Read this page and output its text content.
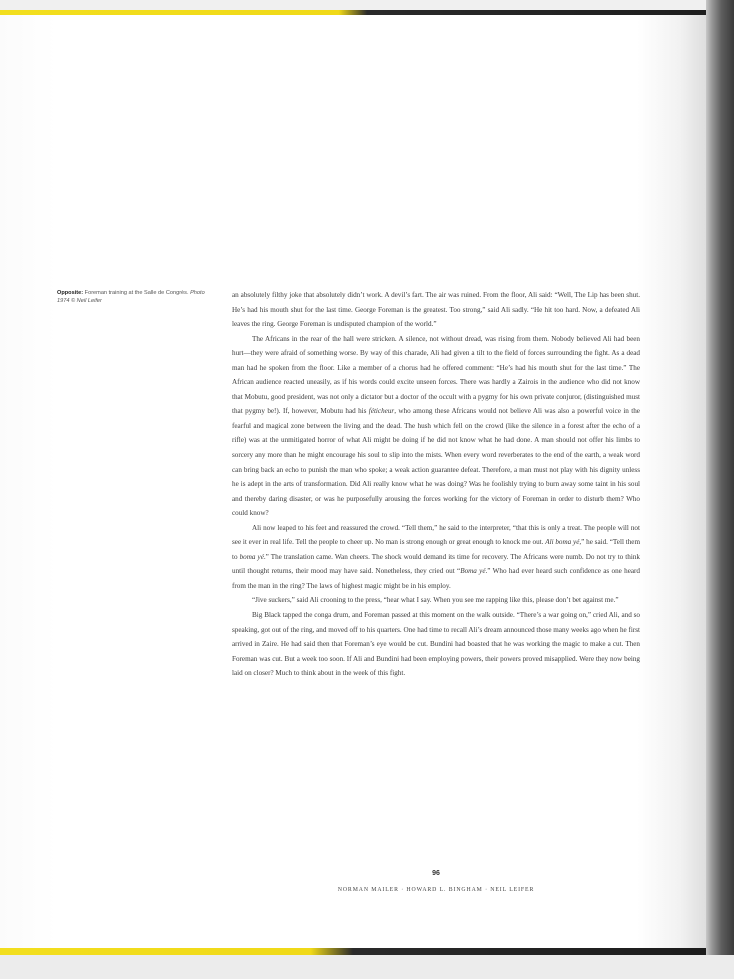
Opposite: Foreman training at the Salle de Congrès. Photo 1974 © Neil Leifer

an absolutely filthy joke that absolutely didn’t work. A devil’s fart. The air was ruined. From the floor, Ali said: “Well, The Lip has been shut. He’s had his mouth shut for the last time. George Foreman is the greatest. Too strong,” said Ali sadly. “He hit too hard. Now, a defeated Ali leaves the ring. George Foreman is undisputed champion of the world.”

The Africans in the rear of the hall were stricken. A silence, not without dread, was rising from them. Nobody believed Ali had been hurt—they were afraid of something worse. By way of this charade, Ali had given a tilt to the field of forces surrounding the fight. As a dead man had he spoken from the floor. Like a member of a chorus had he offered comment: “He’s had his mouth shut for the last time.” The African audience reacted uneasily, as if his words could excite unseen forces. There was hardly a Zairois in the audience who did not know that Mobutu, good president, was not only a dictator but a doctor of the occult with a pygmy for his own private conjuror, (distinguished must that pygmy be!). If, however, Mobutu had his féticheur, who among these Africans would not believe Ali was also a powerful voice in the fearful and magical zone between the living and the dead. The hush which fell on the crowd (like the silence in a forest after the echo of a rifle) was at the unmitigated horror of what Ali might be doing if he did not know what he had done. A man should not offer his limbs to sorcery any more than he might encourage his soul to slip into the mists. When every word reverberates to the end of the earth, a weak word can bring back an echo to punish the man who spoke; a weak action guarantee defeat. Therefore, a man must not play with his dignity unless he is adept in the arts of transformation. Did Ali really know what he was doing? Was he foolishly trying to burn away some taint in his soul and thereby daring disaster, or was he purposefully arousing the forces working for the victory of Foreman in order to disturb them? Who could know?

Ali now leaped to his feet and reassured the crowd. “Tell them,” he said to the interpreter, “that this is only a treat. The people will not see it ever in real life. Tell the people to cheer up. No man is strong enough or great enough to knock me out. Ali boma yé,” he said. “Tell them to boma yé.” The translation came. Wan cheers. The shock would demand its time for recovery. The Africans were numb. Do not try to think until thought returns, their mood may have said. Nonetheless, they cried out “Boma yé.” Who had ever heard such confidence as one heard from the man in the ring? The laws of highest magic might be in his employ.

“Jive suckers,” said Ali crooning to the press, “hear what I say. When you see me rapping like this, please don’t bet against me.”

Big Black tapped the conga drum, and Foreman passed at this moment on the walk outside. “There’s a war going on,” cried Ali, and so speaking, got out of the ring, and moved off to his quarters. One had time to recall Ali’s dream announced those many weeks ago when he first arrived in Zaire. He had said then that Foreman’s eye would be cut. Bundini had boasted that he was working the magic to make a cut. Then Foreman was cut. But a week too soon. If Ali and Bundini had been employing powers, their powers proved misapplied. Were they now being laid on closer? Much to think about in the week of this fight.

96
NORMAN MAILER · HOWARD L. BINGHAM · NEIL LEIFER
